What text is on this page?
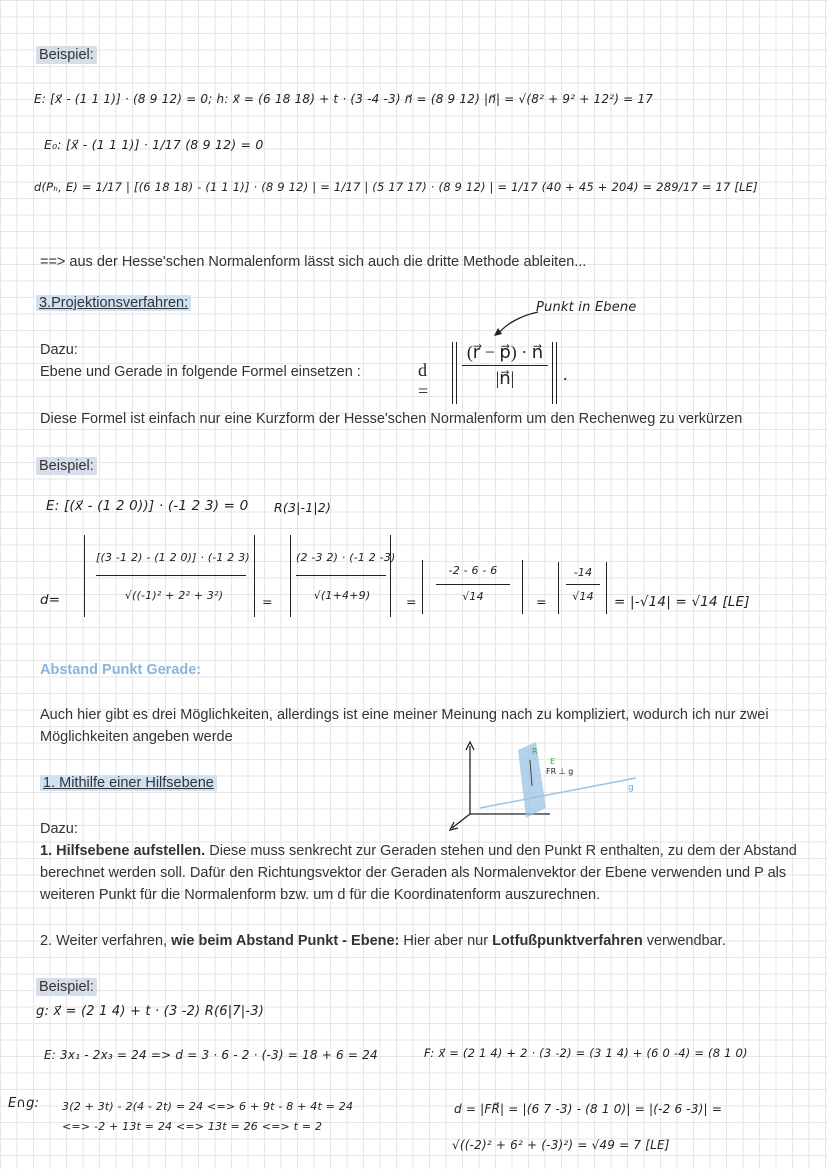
Beispiel:
E: [x⃗ - (1 1 1)] · (8 9 12) = 0; h: x⃗ = (6 18 18) + t · (3 -4 -3) n⃗ = (8 9 12) |n⃗| = √(8² + 9² + 12²) = 17
E₀: [x⃗ - (1 1 1)] · 1/17 (8 9 12) = 0
d(Pₕ, E) = 1/17 | [(6 18 18) - (1 1 1)] · (8 9 12) | = 1/17 | (5 17 17) · (8 9 12) | = 1/17 (40 + 45 + 204) = 289/17 = 17 [LE]
==> aus der Hesse'schen Normalenform lässt sich auch die dritte Methode ableiten...
3.Projektionsverfahren:	Punkt in Ebene
Dazu:
Ebene und Gerade in folgende Formel einsetzen :	d =
$\frac{(r⃗ - p⃗) \cdot n⃗}{|n⃗|}$ .
Diese Formel ist einfach nur eine Kurzform der Hesse'schen Normalenform um den Rechenweg zu verkürzen
Beispiel:
E: [(x⃗ - (1 2 0))] · (-1 2 3) = 0 R(3|-1|2)
d=
[(3 -1 2) - (1 2 0)] · (-1 2 3)
√((-1)² + 2² + 3²)	=
(2 -3 2) · (-1 2 -3)
√(1+4+9)	=
-2 - 6 - 6
√14	=
-14
√14	= |-√14| = √14 [LE]
Abstand Punkt Gerade:
Auch hier gibt es drei Möglichkeiten, allerdings ist eine meiner Meinung nach zu kompliziert, wodurch ich nur zwei Möglichkeiten angeben werde
1. Mithilfe einer Hilfsebene
R
E
FR ⊥ g
g
Dazu:
1. Hilfsebene aufstellen. Diese muss senkrecht zur Geraden stehen und den Punkt R enthalten, zu dem der Abstand berechnet werden soll. Dafür den Richtungsvektor der Geraden als Normalenvektor der Ebene verwenden und P als weiteren Punkt für die Normalenform bzw. um d für die Koordinatenform auszurechnen.
2. Weiter verfahren, wie beim Abstand Punkt - Ebene: Hier aber nur Lotfußpunktverfahren verwendbar.
Beispiel:
g: x⃗ = (2 1 4) + t · (3 -2) R(6|7|-3)
E: 3x₁ - 2x₃ = 24 => d = 3 · 6 - 2 · (-3) = 18 + 6 = 24
E∩g: 3(2 + 3t) - 2(4 - 2t) = 24 <=> 6 + 9t - 8 + 4t = 24
<=> -2 + 13t = 24 <=> 13t = 26 <=> t = 2
F: x⃗ = (2 1 4) + 2 · (3 -2) = (3 1 4) + (6 0 -4) = (8 1 0)
d = |FR⃗| = |(6 7 -3) - (8 1 0)| = |(-2 6 -3)| =
√((-2)² + 6² + (-3)²) = √49 = 7 [LE]
